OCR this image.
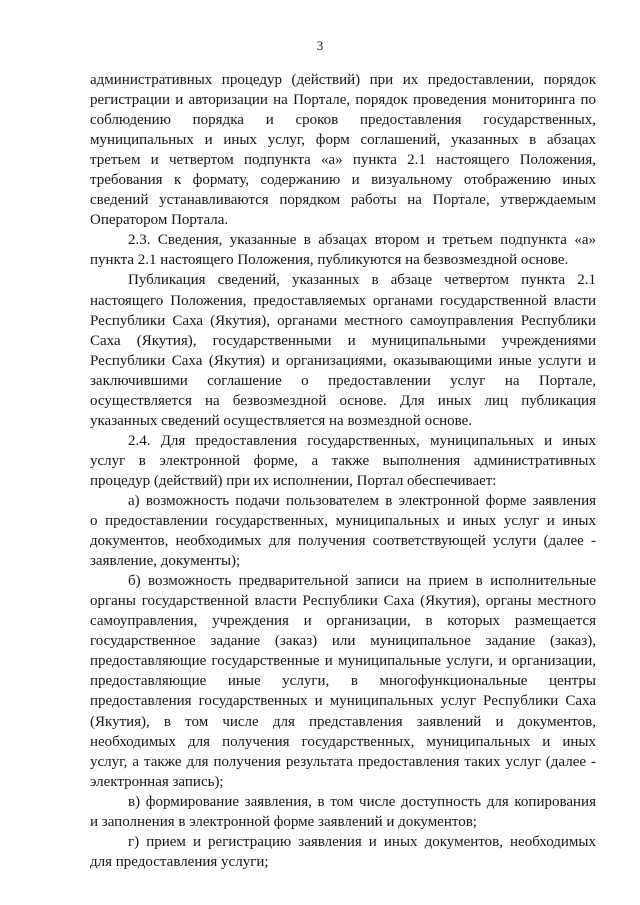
3
административных процедур (действий) при их предоставлении, порядок
регистрации и авторизации на Портале, порядок проведения мониторинга по
соблюдению порядка и сроков предоставления государственных,
муниципальных и иных услуг, форм соглашений, указанных в абзацах
третьем и четвертом подпункта «а» пункта 2.1 настоящего Положения,
требования к формату, содержанию и визуальному отображению иных
сведений устанавливаются порядком работы на Портале, утверждаемым
Оператором Портала.
2.3. Сведения, указанные в абзацах втором и третьем подпункта «а»
пункта 2.1 настоящего Положения, публикуются на безвозмездной основе.
Публикация сведений, указанных в абзаце четвертом пункта 2.1
настоящего Положения, предоставляемых органами государственной власти
Республики Саха (Якутия), органами местного самоуправления Республики
Саха (Якутия), государственными и муниципальными учреждениями
Республики Саха (Якутия) и организациями, оказывающими иные услуги и
заключившими соглашение о предоставлении услуг на Портале,
осуществляется на безвозмездной основе. Для иных лиц публикация
указанных сведений осуществляется на возмездной основе.
2.4. Для предоставления государственных, муниципальных и иных
услуг в электронной форме, а также выполнения административных
процедур (действий) при их исполнении, Портал обеспечивает:
а) возможность подачи пользователем в электронной форме заявления
о предоставлении государственных, муниципальных и иных услуг и иных
документов, необходимых для получения соответствующей услуги (далее -
заявление, документы);
б) возможность предварительной записи на прием в исполнительные
органы государственной власти Республики Саха (Якутия), органы местного
самоуправления, учреждения и организации, в которых размещается
государственное задание (заказ) или муниципальное задание (заказ),
предоставляющие государственные и муниципальные услуги, и организации,
предоставляющие иные услуги, в многофункциональные центры
предоставления государственных и муниципальных услуг Республики Саха
(Якутия), в том числе для представления заявлений и документов,
необходимых для получения государственных, муниципальных и иных
услуг, а также для получения результата предоставления таких услуг (далее -
электронная запись);
в) формирование заявления, в том числе доступность для копирования
и заполнения в электронной форме заявлений и документов;
г) прием и регистрацию заявления и иных документов, необходимых
для предоставления услуги;
